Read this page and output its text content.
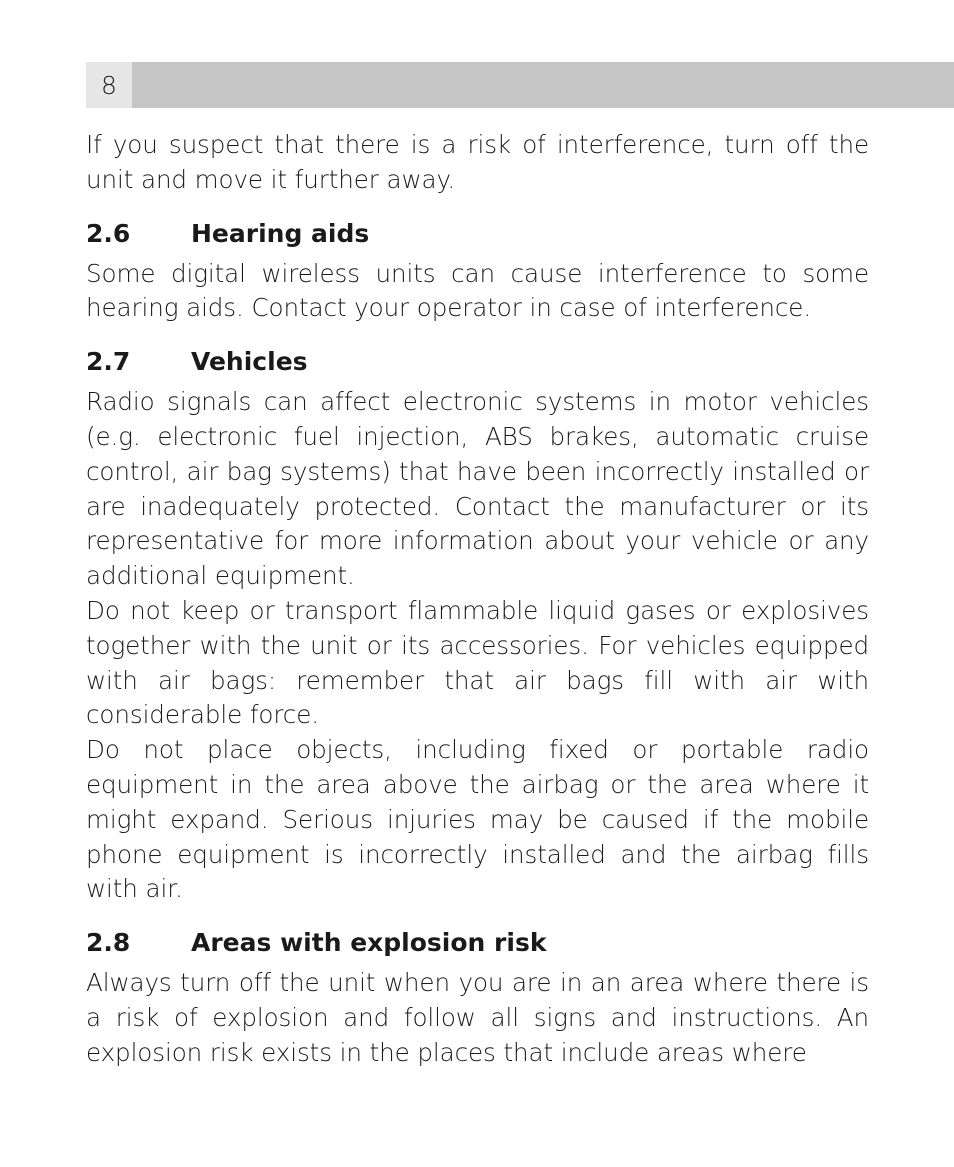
8

If you suspect that there is a risk of interference, turn off the unit and move it further away.

2.6	Hearing aids

Some digital wireless units can cause interference to some hearing aids. Contact your operator in case of interference.

2.7	Vehicles

Radio signals can affect electronic systems in motor vehicles (e.g. electronic fuel injection, ABS brakes, automatic cruise control, air bag systems) that have been incorrectly installed or are inadequately protected. Contact the manufacturer or its representative for more information about your vehicle or any additional equipment.

Do not keep or transport flammable liquid gases or explosives together with the unit or its accessories. For vehicles equipped with air bags: remember that air bags fill with air with considerable force.

Do not place objects, including fixed or portable radio equipment in the area above the airbag or the area where it might expand. Serious injuries may be caused if the mobile phone equipment is incorrectly installed and the airbag fills with air.

2.8	Areas with explosion risk

Always turn off the unit when you are in an area where there is a risk of explosion and follow all signs and instructions. An explosion risk exists in the places that include areas where
